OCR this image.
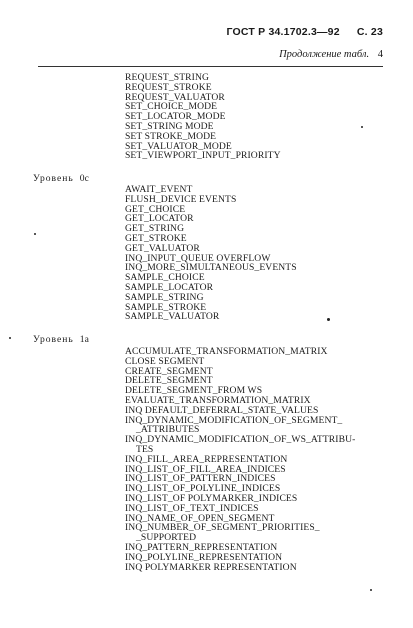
ГОСТ Р 34.1702.3—92 С. 23
Продолжение табл. 4
REQUEST_STRING
REQUEST_STROKE
REQUEST_VALUATOR
SET_CHOICE_MODE
SET_LOCATOR_MODE
SET_STRING MODE
SET STROKE_MODE
SET_VALUATOR_MODE
SET_VIEWPORT_INPUT_PRIORITY
Уровень 0c
AWAIT_EVENT
FLUSH_DEVICE EVENTS
GET_CHOICE
GET_LOCATOR
GET_STRING
GET_STROKE
GET_VALUATOR
INQ_INPUT_QUEUE OVERFLOW
INQ_MORE_SIMULTANEOUS_EVENTS
SAMPLE_CHOICE
SAMPLE_LOCATOR
SAMPLE_STRING
SAMPLE_STROKE
SAMPLE_VALUATOR
Уровень 1a
ACCUMULATE_TRANSFORMATION_MATRIX
CLOSE SEGMENT
CREATE_SEGMENT
DELETE_SEGMENT
DELETE_SEGMENT_FROM WS
EVALUATE_TRANSFORMATION_MATRIX
INQ DEFAULT_DEFERRAL_STATE_VALUES
INQ_DYNAMIC_MODIFICATION_OF_SEGMENT_
_ATTRIBUTES
INQ_DYNAMIC_MODIFICATION_OF_WS_ATTRIBU-
TES
INQ_FILL_AREA_REPRESENTATION
INQ_LIST_OF_FILL_AREA_INDICES
INQ_LIST_OF_PATTERN_INDICES
INQ_LIST_OF_POLYLINE_INDICES
INQ_LIST_OF POLYMARKER_INDICES
INQ_LIST_OF_TEXT_INDICES
INQ_NAME_OF_OPEN_SEGMENT
INQ_NUMBER_OF_SEGMENT_PRIORITIES_
_SUPPORTED
INQ_PATTERN_REPRESENTATION
INQ_POLYLINE_REPRESENTATION
INQ POLYMARKER REPRESENTATION
